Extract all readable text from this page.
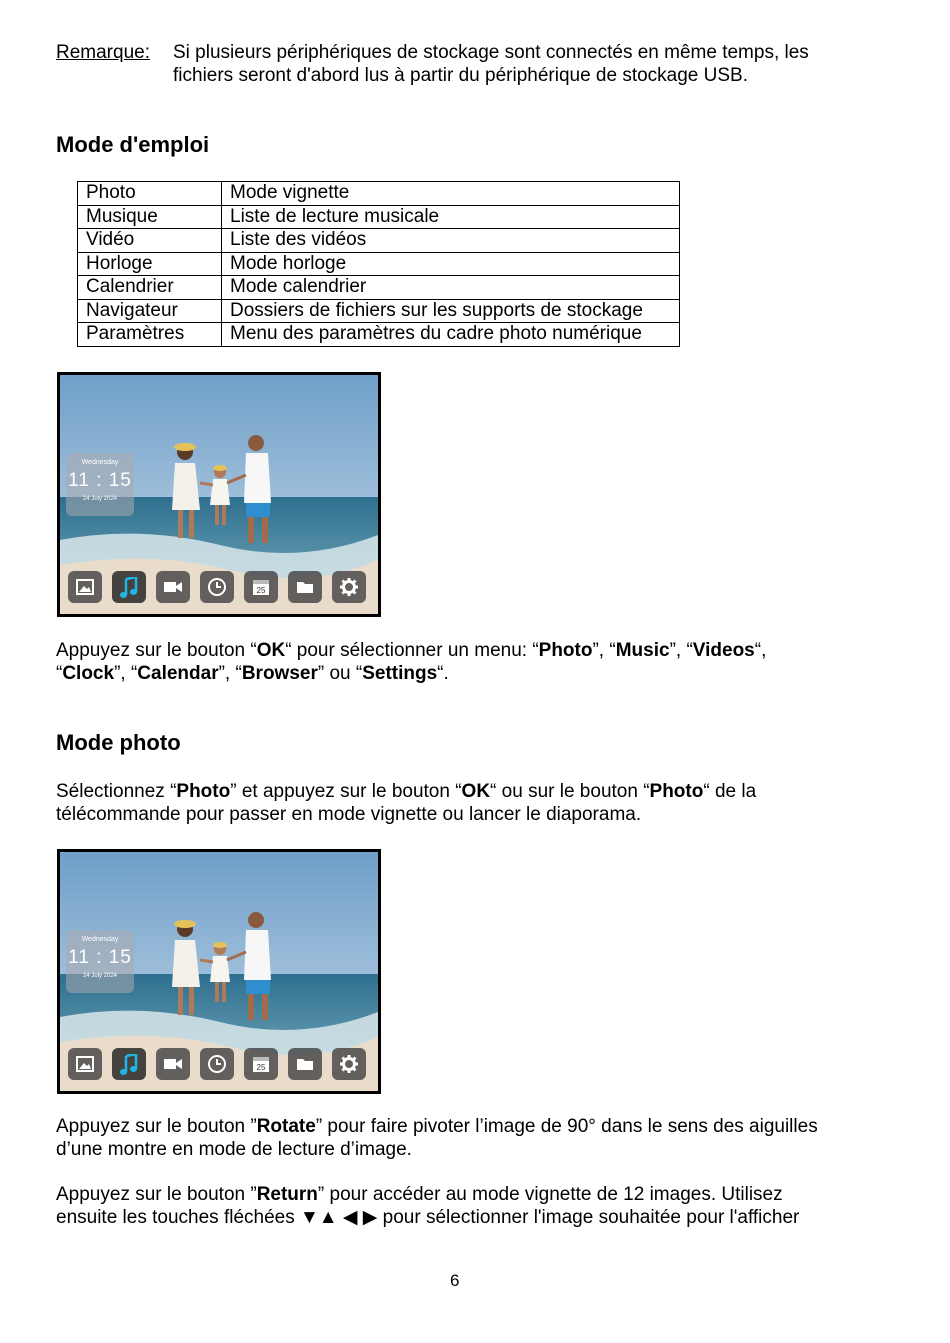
Remarque: Si plusieurs périphériques de stockage sont connectés en même temps, les
fichiers seront d'abord lus à partir du périphérique de stockage USB.
Mode d'emploi
Photo	Mode vignette
Musique	Liste de lecture musicale
Vidéo	Liste des vidéos
Horloge	Mode horloge
Calendrier	Mode calendrier
Navigateur	Dossiers de fichiers sur les supports de stockage
Paramètres	Menu des paramètres du cadre photo numérique
Wednesday
11 : 15
24 July 2024
25
Appuyez sur le bouton “OK“ pour sélectionner un menu: “Photo”, “Music”, “Videos“,
“Clock”, “Calendar”, “Browser” ou “Settings“.
Mode photo
Sélectionnez “Photo” et appuyez sur le bouton “OK“ ou sur le bouton “Photo“ de la
télécommande pour passer en mode vignette ou lancer le diaporama.
Wednesday
11 : 15
24 July 2024
25
Appuyez sur le bouton ”Rotate” pour faire pivoter l’image de 90° dans le sens des aiguilles
d’une montre en mode de lecture d’image.
Appuyez sur le bouton ”Return” pour accéder au mode vignette de 12 images. Utilisez
ensuite les touches fléchées ▼▲ ◀ ▶ pour sélectionner l'image souhaitée pour l'afficher
6
